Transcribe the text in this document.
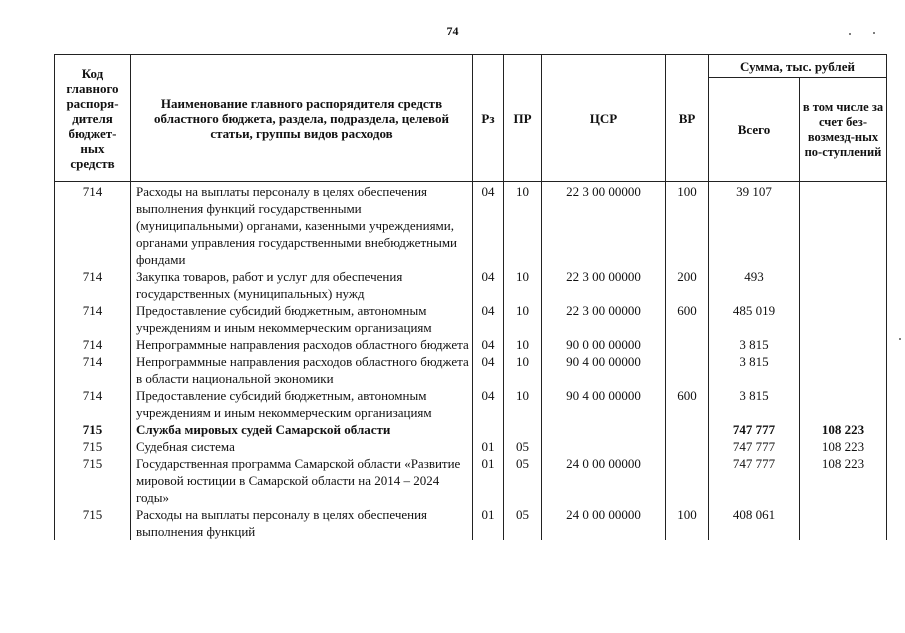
74
Код главного распоря-дителя бюджет-ных средств	Наименование главного распорядителя средств областного бюджета, раздела, подраздела, целевой статьи, группы видов расходов	Рз	ПР	ЦСР	ВР	Сумма, тыс. рублей	
						Всего	в том числе за счет без-возмезд-ных по-ступлений
714	Расходы на выплаты персоналу в целях обеспечения выполнения функций государственными (муниципальными) органами, казенными учреждениями, органами управления государственными внебюджетными фондами	04	10	22 3 00 00000	100	39 107	
714	Закупка товаров, работ и услуг для обеспечения государственных (муниципальных) нужд	04	10	22 3 00 00000	200	493	
714	Предоставление субсидий бюджетным, автономным учреждениям и иным некоммерческим организациям	04	10	22 3 00 00000	600	485 019	
714	Непрограммные направления расходов областного бюджета	04	10	90 0 00 00000		3 815	
714	Непрограммные направления расходов областного бюджета в области национальной экономики	04	10	90 4 00 00000		3 815	
714	Предоставление субсидий бюджетным, автономным учреждениям и иным некоммерческим организациям	04	10	90 4 00 00000	600	3 815	
715	Служба мировых судей Самарской области					747 777	108 223
715	Судебная система	01	05			747 777	108 223
715	Государственная программа Самарской области «Развитие мировой юстиции в Самарской области на 2014 – 2024 годы»	01	05	24 0 00 00000		747 777	108 223
715	Расходы на выплаты персоналу в целях обеспечения выполнения функций	01	05	24 0 00 00000	100	408 061	
